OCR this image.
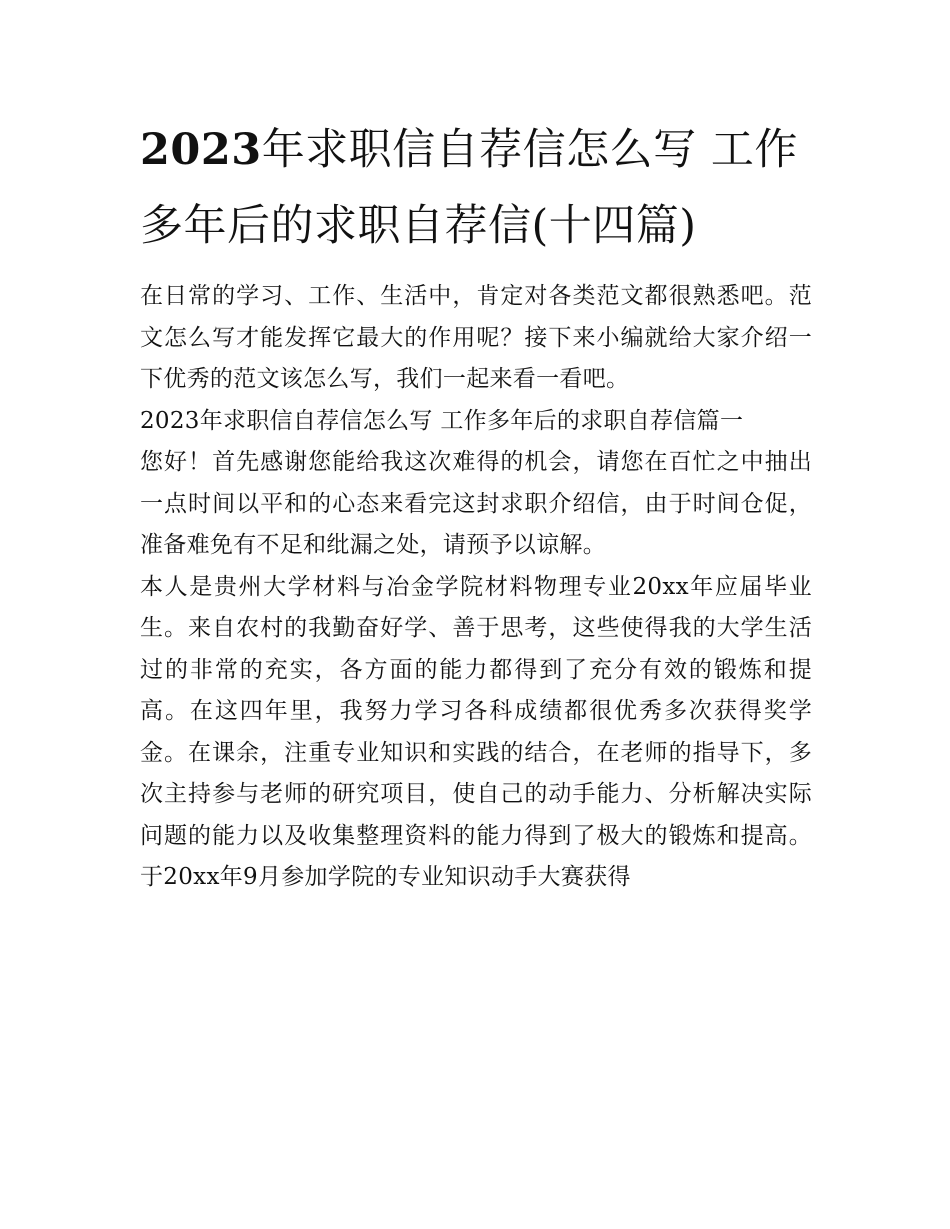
2023年求职信自荐信怎么写 工作多年后的求职自荐信(十四篇)

在日常的学习、工作、生活中，肯定对各类范文都很熟悉吧。范文怎么写才能发挥它最大的作用呢？接下来小编就给大家介绍一下优秀的范文该怎么写，我们一起来看一看吧。

2023年求职信自荐信怎么写 工作多年后的求职自荐信篇一

您好！首先感谢您能给我这次难得的机会，请您在百忙之中抽出一点时间以平和的心态来看完这封求职介绍信，由于时间仓促，准备难免有不足和纰漏之处，请预予以谅解。

本人是贵州大学材料与冶金学院材料物理专业20xx年应届毕业生。来自农村的我勤奋好学、善于思考，这些使得我的大学生活过的非常的充实，各方面的能力都得到了充分有效的锻炼和提高。在这四年里，我努力学习各科成绩都很优秀多次获得奖学金。在课余，注重专业知识和实践的结合，在老师的指导下，多次主持参与老师的研究项目，使自己的动手能力、分析解决实际问题的能力以及收集整理资料的能力得到了极大的锻炼和提高。于20xx年9月参加学院的专业知识动手大赛获得
